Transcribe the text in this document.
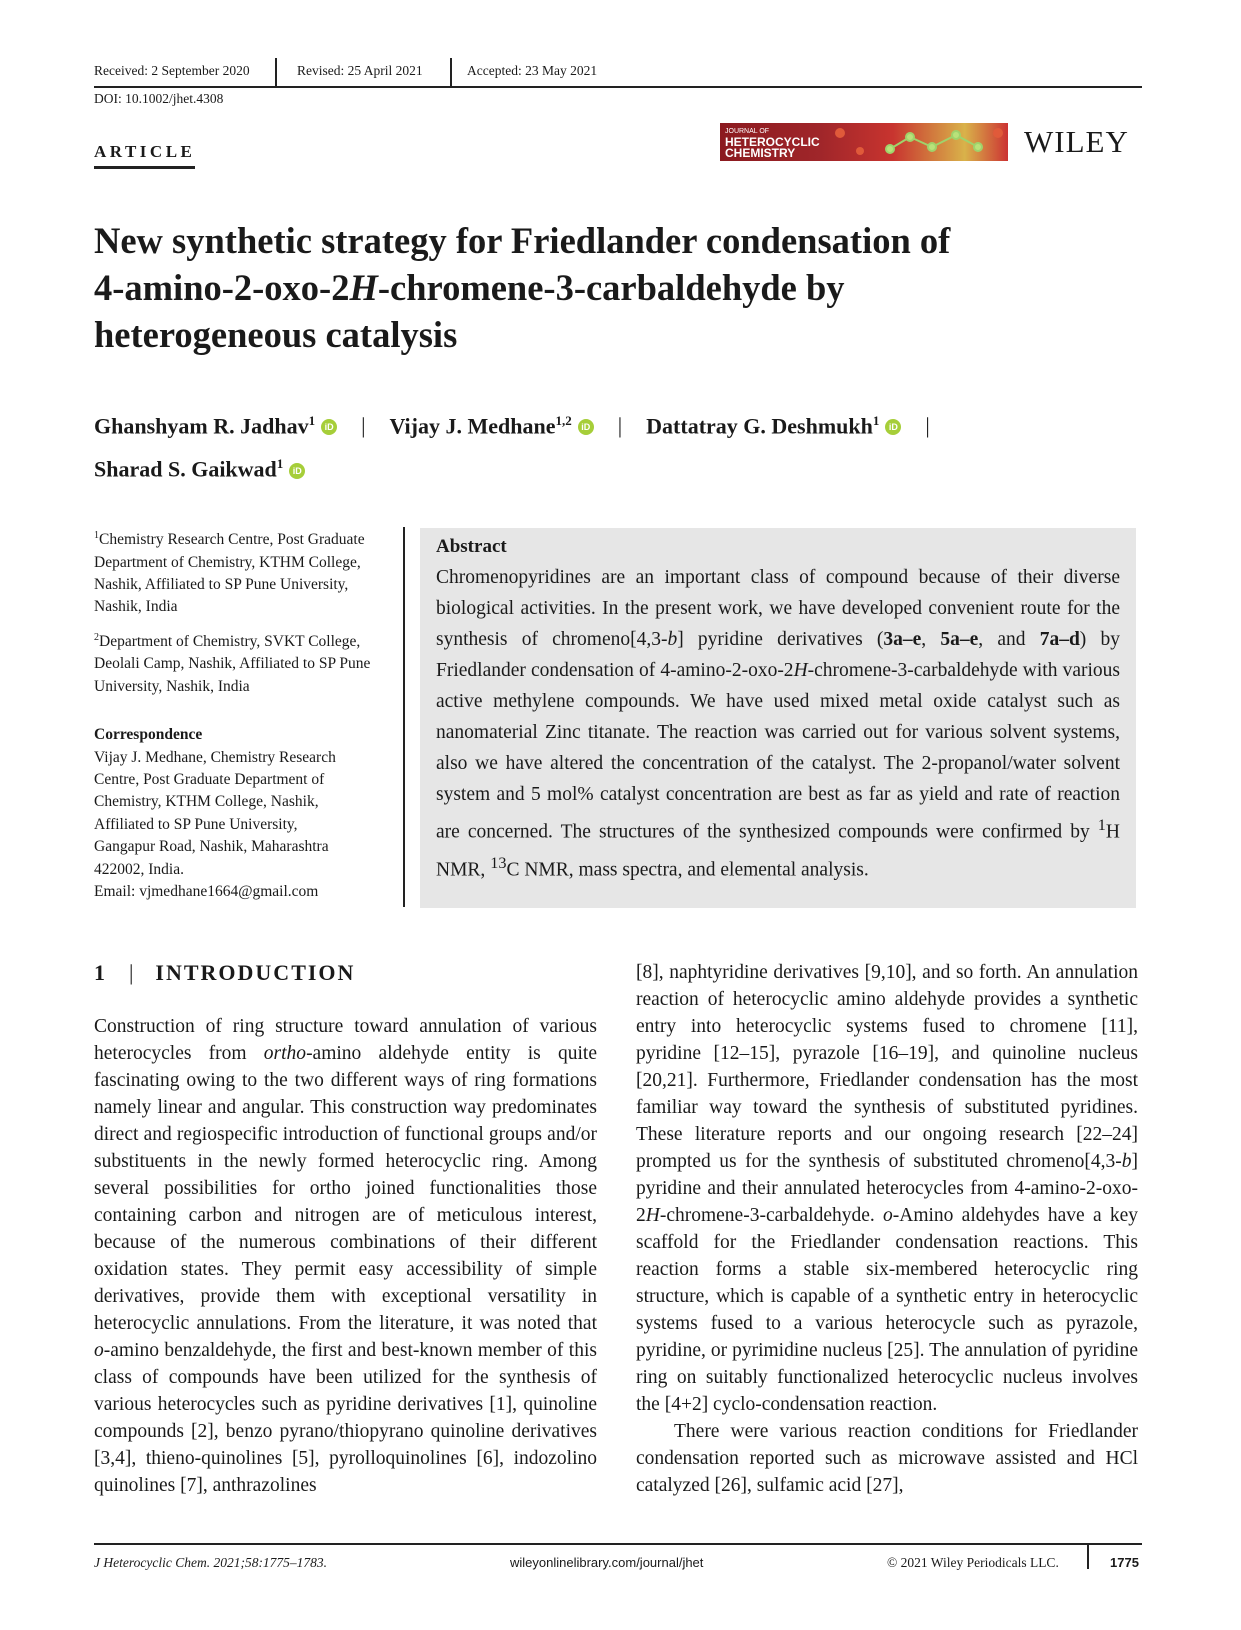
Received: 2 September 2020	Revised: 25 April 2021	Accepted: 23 May 2021
DOI: 10.1002/jhet.4308
ARTICLE
JOURNAL OF
HETEROCYCLIC
CHEMISTRY	WILEY
New synthetic strategy for Friedlander condensation of
4-amino-2-oxo-2H-chromene-3-carbaldehyde by
heterogeneous catalysis
Ghanshyam R. Jadhav$^1$ iD | Vijay J. Medhane$^{1,2}$ iD | Dattatray G. Deshmukh$^1$ iD |
Sharad S. Gaikwad$^1$ iD

$^1$Chemistry Research Centre, Post Graduate Department of Chemistry, KTHM College, Nashik, Affiliated to SP Pune University, Nashik, India

$^2$Department of Chemistry, SVKT College, Deolali Camp, Nashik, Affiliated to SP Pune University, Nashik, India

Correspondence

Vijay J. Medhane, Chemistry Research
Centre, Post Graduate Department of
Chemistry, KTHM College, Nashik,
Affiliated to SP Pune University,
Gangapur Road, Nashik, Maharashtra
422002, India.
Email: vjmedhane1664@gmail.com
Abstract
Chromenopyridines are an important class of compound because of their diverse biological activities. In the present work, we have developed convenient route for the synthesis of chromeno[4,3-b] pyridine derivatives (3a–e, 5a–e, and 7a–d) by Friedlander condensation of 4-amino-2-oxo-2H-chromene-3-carbaldehyde with various active methylene compounds. We have used mixed metal oxide catalyst such as nanomaterial Zinc titanate. The reaction was carried out for various solvent systems, also we have altered the concentration of the catalyst. The 2-propanol/water solvent system and 5 mol% catalyst concentration are best as far as yield and rate of reaction are concerned. The structures of the synthesized compounds were confirmed by $^1$H NMR, $^{13}$C NMR, mass spectra, and elemental analysis.
1 | INTRODUCTION
Construction of ring structure toward annulation of various heterocycles from ortho-amino aldehyde entity is quite fascinating owing to the two different ways of ring formations namely linear and angular. This construction way predominates direct and regiospecific introduction of functional groups and/or substituents in the newly formed heterocyclic ring. Among several possibilities for ortho joined functionalities those containing carbon and nitrogen are of meticulous interest, because of the numerous combinations of their different oxidation states. They permit easy accessibility of simple derivatives, provide them with exceptional versatility in heterocyclic annulations. From the literature, it was noted that o-amino benzaldehyde, the first and best-known member of this class of compounds have been utilized for the synthesis of various heterocycles such as pyridine derivatives [1], quinoline compounds [2], benzo pyrano/thiopyrano quinoline derivatives [3,4], thieno-quinolines [5], pyrolloquinolines [6], indozolino quinolines [7], anthrazolines

[8], naphtyridine derivatives [9,10], and so forth. An annulation reaction of heterocyclic amino aldehyde provides a synthetic entry into heterocyclic systems fused to chromene [11], pyridine [12–15], pyrazole [16–19], and quinoline nucleus [20,21]. Furthermore, Friedlander condensation has the most familiar way toward the synthesis of substituted pyridines. These literature reports and our ongoing research [22–24] prompted us for the synthesis of substituted chromeno[4,3-b] pyridine and their annulated heterocycles from 4-amino-2-oxo-2H-chromene-3-carbaldehyde. o-Amino aldehydes have a key scaffold for the Friedlander condensation reactions. This reaction forms a stable six-membered heterocyclic ring structure, which is capable of a synthetic entry in heterocyclic systems fused to a various heterocycle such as pyrazole, pyridine, or pyrimidine nucleus [25]. The annulation of pyridine ring on suitably functionalized heterocyclic nucleus involves the [4+2] cyclo-condensation reaction.

There were various reaction conditions for Friedlander condensation reported such as microwave assisted and HCl catalyzed [26], sulfamic acid [27],

J Heterocyclic Chem. 2021;58:1775–1783.	wileyonlinelibrary.com/journal/jhet	© 2021 Wiley Periodicals LLC.	1775
